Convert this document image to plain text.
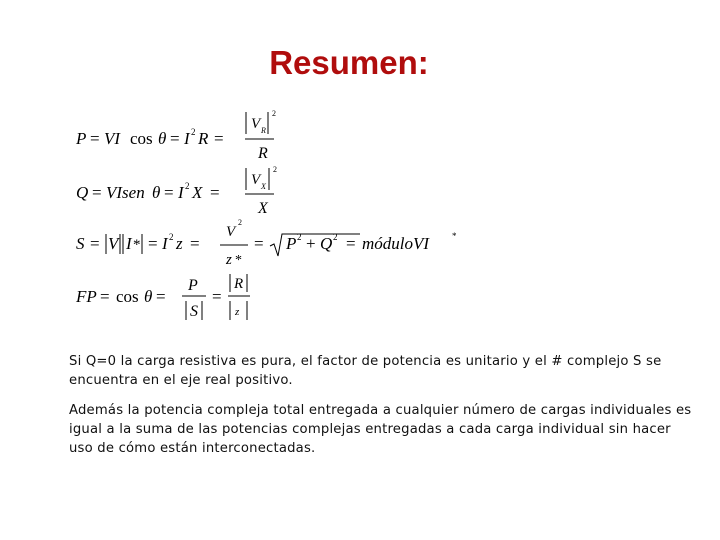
Resumen:
P = VI cos θ = I 2 R =
V R
2
R
Q = VIsen θ = I 2 X =
V X
2
X
S = V I * = I 2 z =
V
2
z *
= P 2 + Q 2 = móduloVI	*
FP = cos θ =
P
S
=
R
z

Si Q=0 la carga resistiva es pura, el factor de potencia es unitario y el # complejo S se encuentra en el eje real positivo.

Además la potencia compleja total entregada a cualquier número de cargas individuales es igual a la suma de las potencias complejas entregadas a cada carga individual sin hacer uso de cómo están interconectadas.
